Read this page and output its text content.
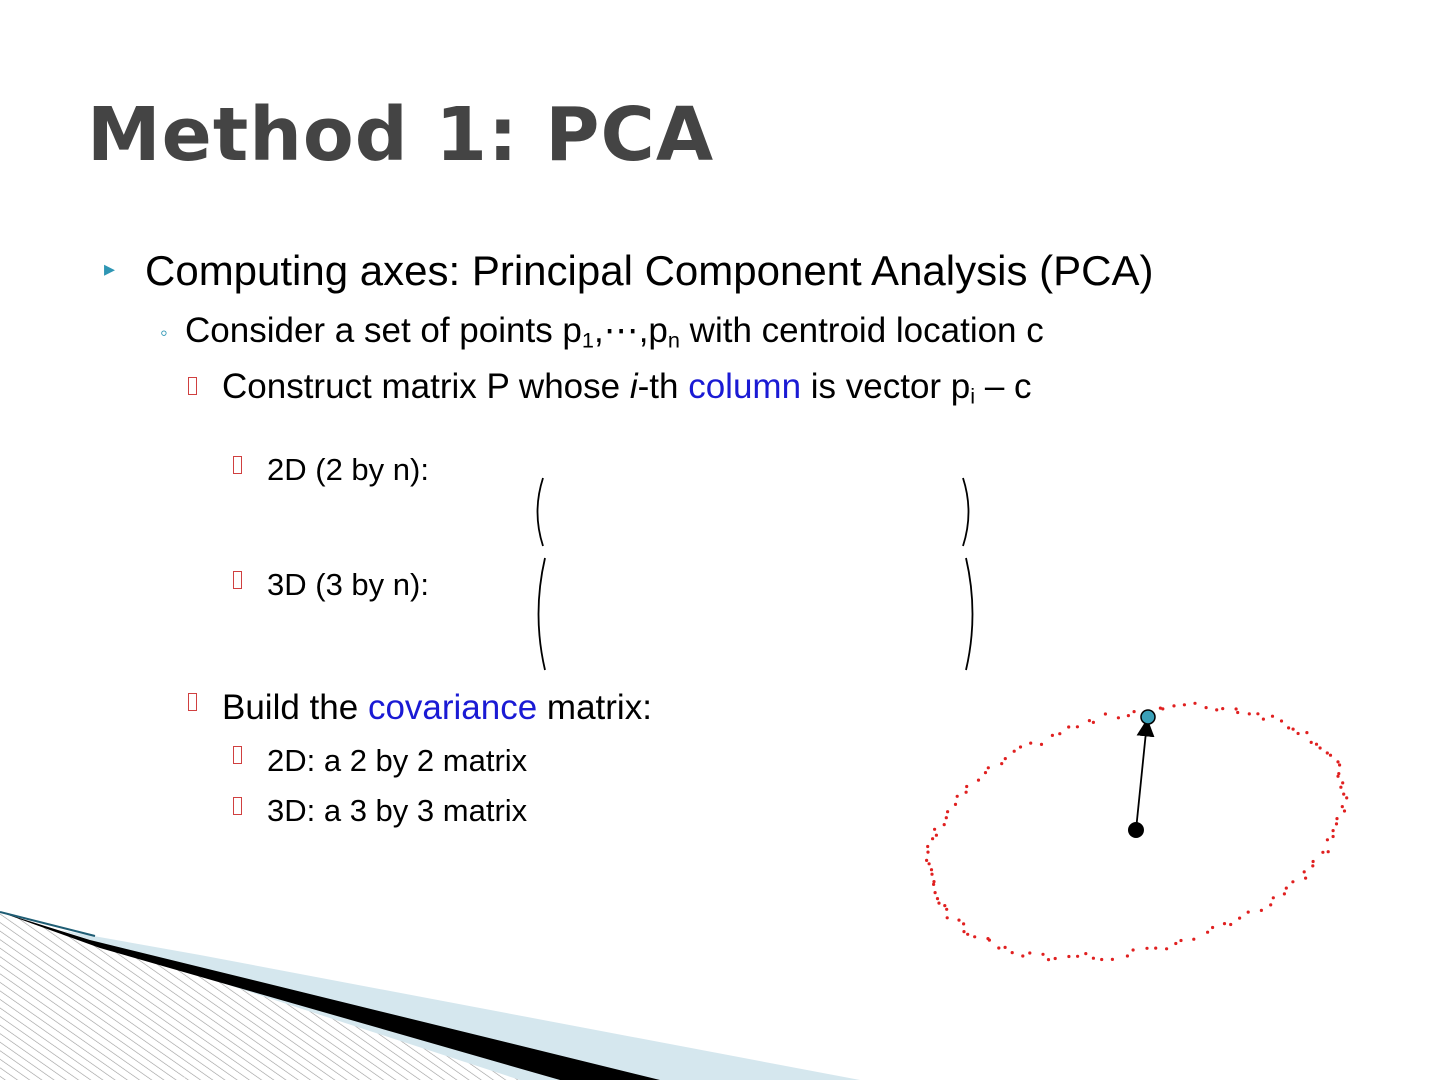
Method 1: PCA
▸ Computing axes: Principal Component Analysis (PCA)
◦ Consider a set of points $p_1,\cdots,p_n$ with centroid location c
Construct matrix P whose i-th column is vector $p_i$ – c
2D (2 by n):
3D (3 by n):
Build the covariance matrix:
2D: a 2 by 2 matrix
3D: a 3 by 3 matrix
